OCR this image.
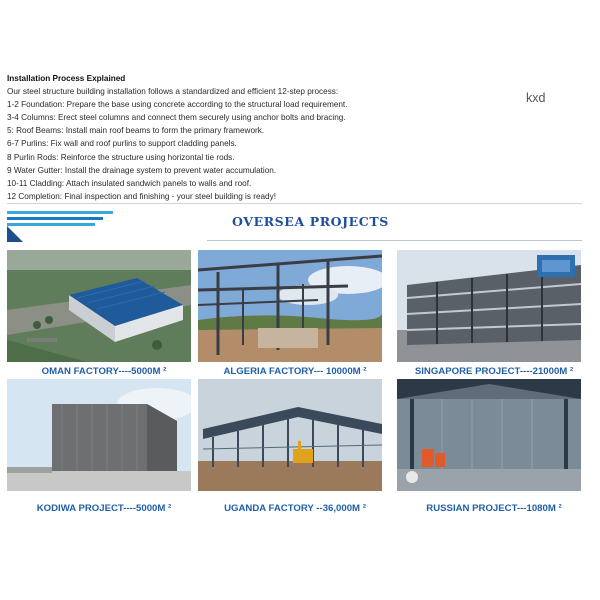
Installation Process Explained
Our steel structure building installation follows a standardized and efficient 12-step process:
1-2 Foundation: Prepare the base using concrete according to the structural load requirement.
3-4 Columns: Erect steel columns and connect them securely using anchor bolts and bracing.
5: Roof Beams: Install main roof beams to form the primary framework.
6-7 Purlins: Fix wall and roof purlins to support cladding panels.
8 Purlin Rods: Reinforce the structure using horizontal tie rods.
9 Water Gutter: Install the drainage system to prevent water accumulation.
10-11 Cladding: Attach insulated sandwich panels to walls and roof.
12 Completion: Final inspection and finishing - your steel building is ready!
kxd
OVERSEA PROJECTS
OMAN FACTORY----5000M ²	ALGERIA FACTORY--- 10000M ²	SINGAPORE PROJECT----21000M ²
KODIWA PROJECT----5000M ²	UGANDA FACTORY --36,000M ²	RUSSIAN PROJECT---1080M ²
